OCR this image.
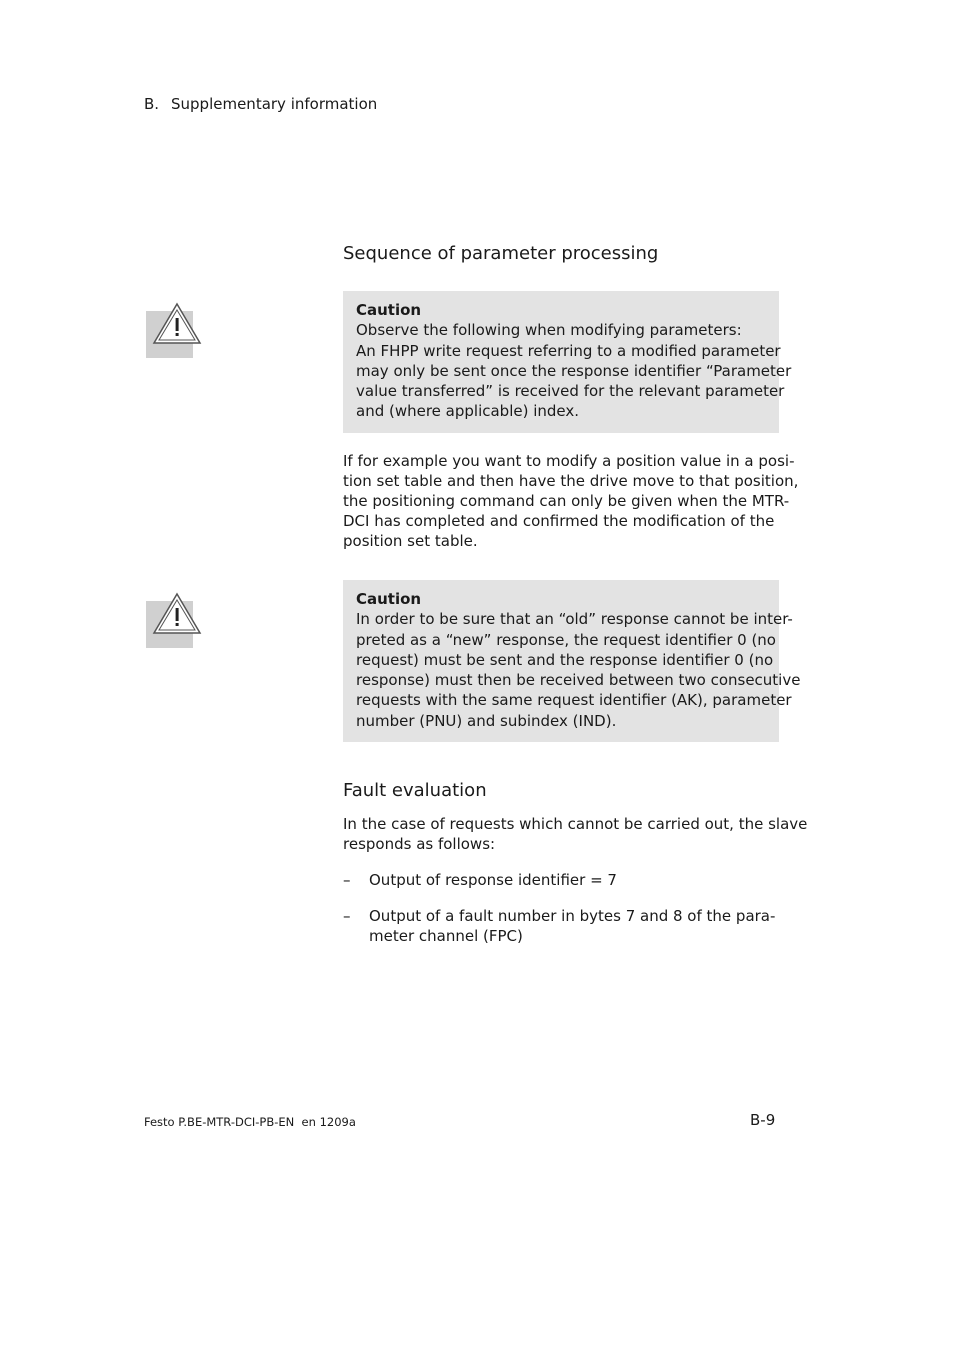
B. Supplementary information
Sequence of parameter processing
Caution
Observe the following when modifying parameters:
An FHPP write request referring to a modified parameter
may only be sent once the response identifier “Parameter
value transferred” is received for the relevant parameter
and (where applicable) index.
If for example you want to modify a position value in a posi-
tion set table and then have the drive move to that position,
the positioning command can only be given when the MTR-
DCI has completed and confirmed the modification of the
position set table.
Caution
In order to be sure that an “old” response cannot be inter-
preted as a “new” response, the request identifier 0 (no
request) must be sent and the response identifier 0 (no
response) must then be received between two consecutive
requests with the same request identifier (AK), parameter
number (PNU) and subindex (IND).
Fault evaluation
In the case of requests which cannot be carried out, the slave
responds as follows:
– Output of response identifier = 7
– Output of a fault number in bytes 7 and 8 of the para-
meter channel (FPC)
Festo P.BE-MTR-DCI-PB-EN  en 1209a	B-9
